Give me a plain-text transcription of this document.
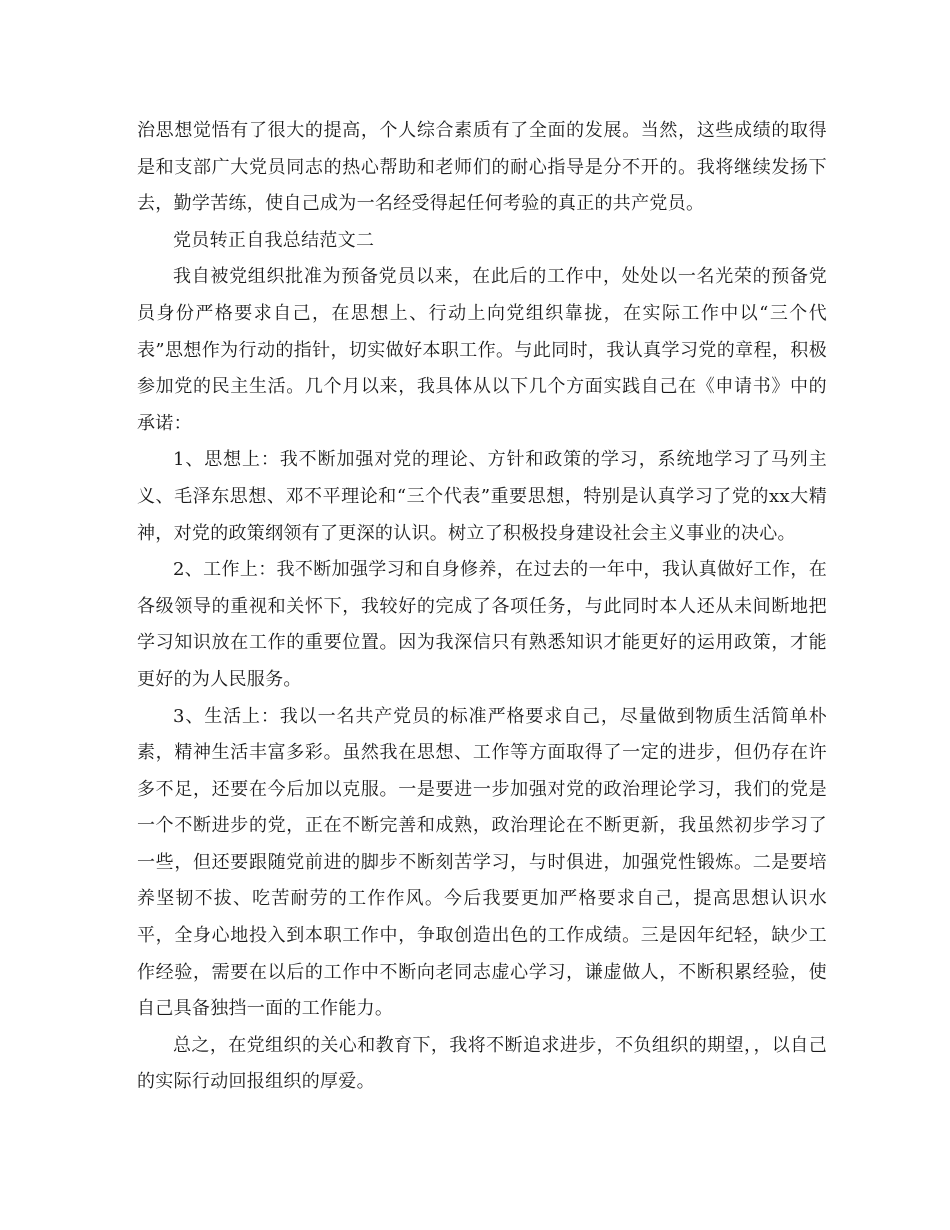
治思想觉悟有了很大的提高，个人综合素质有了全面的发展。当然，这些成绩的取得是和支部广大党员同志的热心帮助和老师们的耐心指导是分不开的。我将继续发扬下去，勤学苦练，使自己成为一名经受得起任何考验的真正的共产党员。

党员转正自我总结范文二

我自被党组织批准为预备党员以来，在此后的工作中，处处以一名光荣的预备党员身份严格要求自己，在思想上、行动上向党组织靠拢，在实际工作中以“三个代表”思想作为行动的指针，切实做好本职工作。与此同时，我认真学习党的章程，积极参加党的民主生活。几个月以来，我具体从以下几个方面实践自己在《申请书》中的承诺：

1、思想上：我不断加强对党的理论、方针和政策的学习，系统地学习了马列主义、毛泽东思想、邓不平理论和“三个代表”重要思想，特别是认真学习了党的xx大精神，对党的政策纲领有了更深的认识。树立了积极投身建设社会主义事业的决心。

2、工作上：我不断加强学习和自身修养，在过去的一年中，我认真做好工作，在各级领导的重视和关怀下，我较好的完成了各项任务，与此同时本人还从未间断地把学习知识放在工作的重要位置。因为我深信只有熟悉知识才能更好的运用政策，才能更好的为人民服务。

3、生活上：我以一名共产党员的标准严格要求自己，尽量做到物质生活简单朴素，精神生活丰富多彩。虽然我在思想、工作等方面取得了一定的进步，但仍存在许多不足，还要在今后加以克服。一是要进一步加强对党的政治理论学习，我们的党是一个不断进步的党，正在不断完善和成熟，政治理论在不断更新，我虽然初步学习了一些，但还要跟随党前进的脚步不断刻苦学习，与时俱进，加强党性锻炼。二是要培养坚韧不拔、吃苦耐劳的工作作风。今后我要更加严格要求自己，提高思想认识水平，全身心地投入到本职工作中，争取创造出色的工作成绩。三是因年纪轻，缺少工作经验，需要在以后的工作中不断向老同志虚心学习，谦虚做人，不断积累经验，使自己具备独挡一面的工作能力。

总之，在党组织的关心和教育下，我将不断追求进步，不负组织的期望，，以自己的实际行动回报组织的厚爱。
